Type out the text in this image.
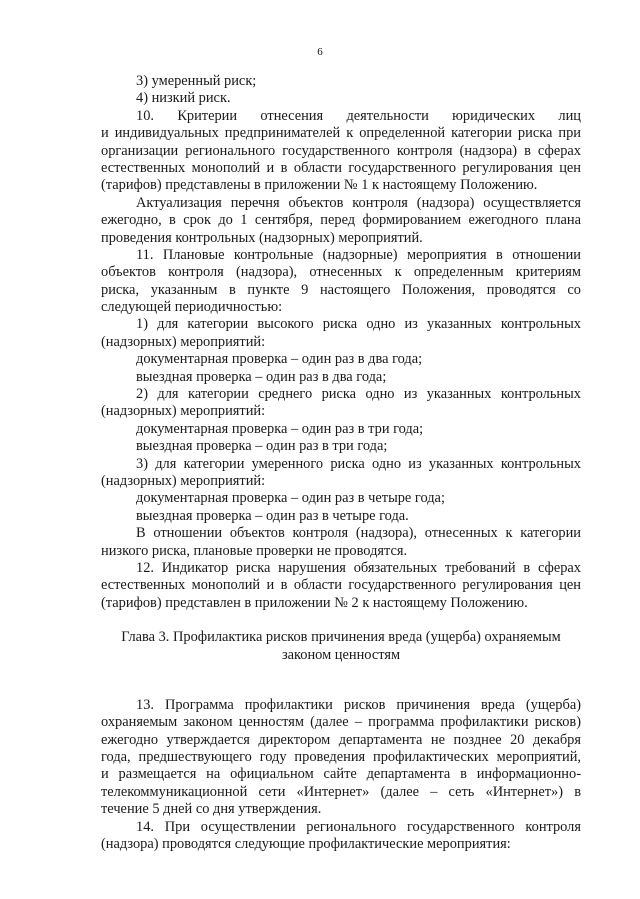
6
3) умеренный риск;
4) низкий риск.
10. Критерии отнесения деятельности юридических лиц
и индивидуальных предпринимателей к определенной категории риска при
организации регионального государственного контроля (надзора) в сферах
естественных монополий и в области государственного регулирования цен
(тарифов) представлены в приложении № 1 к настоящему Положению.
Актуализация перечня объектов контроля (надзора) осуществляется
ежегодно, в срок до 1 сентября, перед формированием ежегодного плана
проведения контрольных (надзорных) мероприятий.
11. Плановые контрольные (надзорные) мероприятия в отношении
объектов контроля (надзора), отнесенных к определенным критериям
риска, указанным в пункте 9 настоящего Положения, проводятся со
следующей периодичностью:
1) для категории высокого риска одно из указанных контрольных
(надзорных) мероприятий:
документарная проверка – один раз в два года;
выездная проверка – один раз в два года;
2) для категории среднего риска одно из указанных контрольных
(надзорных) мероприятий:
документарная проверка – один раз в три года;
выездная проверка – один раз в три года;
3) для категории умеренного риска одно из указанных контрольных
(надзорных) мероприятий:
документарная проверка – один раз в четыре года;
выездная проверка – один раз в четыре года.
В отношении объектов контроля (надзора), отнесенных к категории
низкого риска, плановые проверки не проводятся.
12. Индикатор риска нарушения обязательных требований в сферах
естественных монополий и в области государственного регулирования цен
(тарифов) представлен в приложении № 2 к настоящему Положению.
Глава 3. Профилактика рисков причинения вреда (ущерба) охраняемым
законом ценностям
13. Программа профилактики рисков причинения вреда (ущерба)
охраняемым законом ценностям (далее – программа профилактики рисков)
ежегодно утверждается директором департамента не позднее 20 декабря
года, предшествующего году проведения профилактических мероприятий,
и размещается на официальном сайте департамента в информационно-
телекоммуникационной сети «Интернет» (далее – сеть «Интернет») в
течение 5 дней со дня утверждения.
14. При осуществлении регионального государственного контроля
(надзора) проводятся следующие профилактические мероприятия:
